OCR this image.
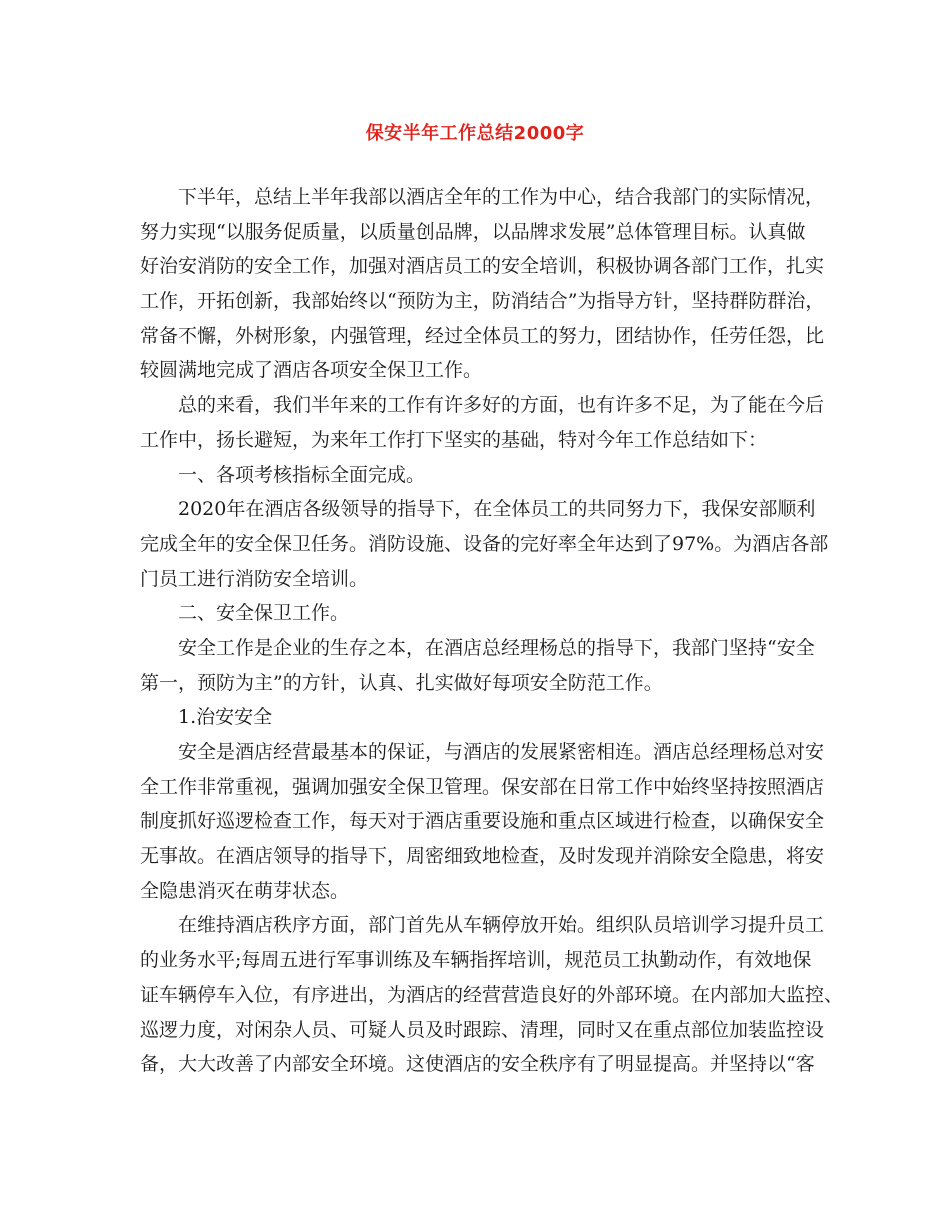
保安半年工作总结2000字
下半年，总结上半年我部以酒店全年的工作为中心，结合我部门的实际情况，
努力实现“以服务促质量，以质量创品牌，以品牌求发展”总体管理目标。认真做
好治安消防的安全工作，加强对酒店员工的安全培训，积极协调各部门工作，扎实
工作，开拓创新，我部始终以“预防为主，防消结合”为指导方针，坚持群防群治，
常备不懈，外树形象，内强管理，经过全体员工的努力，团结协作，任劳任怨，比
较圆满地完成了酒店各项安全保卫工作。
总的来看，我们半年来的工作有许多好的方面，也有许多不足，为了能在今后
工作中，扬长避短，为来年工作打下坚实的基础，特对今年工作总结如下：
一、各项考核指标全面完成。
2020年在酒店各级领导的指导下，在全体员工的共同努力下，我保安部顺利
完成全年的安全保卫任务。消防设施、设备的完好率全年达到了97%。为酒店各部
门员工进行消防安全培训。
二、安全保卫工作。
安全工作是企业的生存之本，在酒店总经理杨总的指导下，我部门坚持“安全
第一，预防为主”的方针，认真、扎实做好每项安全防范工作。
1.治安安全
安全是酒店经营最基本的保证，与酒店的发展紧密相连。酒店总经理杨总对安
全工作非常重视，强调加强安全保卫管理。保安部在日常工作中始终坚持按照酒店
制度抓好巡逻检查工作，每天对于酒店重要设施和重点区域进行检查，以确保安全
无事故。在酒店领导的指导下，周密细致地检查，及时发现并消除安全隐患，将安
全隐患消灭在萌芽状态。
在维持酒店秩序方面，部门首先从车辆停放开始。组织队员培训学习提升员工
的业务水平;每周五进行军事训练及车辆指挥培训，规范员工执勤动作，有效地保
证车辆停车入位，有序进出，为酒店的经营营造良好的外部环境。在内部加大监控、
巡逻力度，对闲杂人员、可疑人员及时跟踪、清理，同时又在重点部位加装监控设
备，大大改善了内部安全环境。这使酒店的安全秩序有了明显提高。并坚持以“客
